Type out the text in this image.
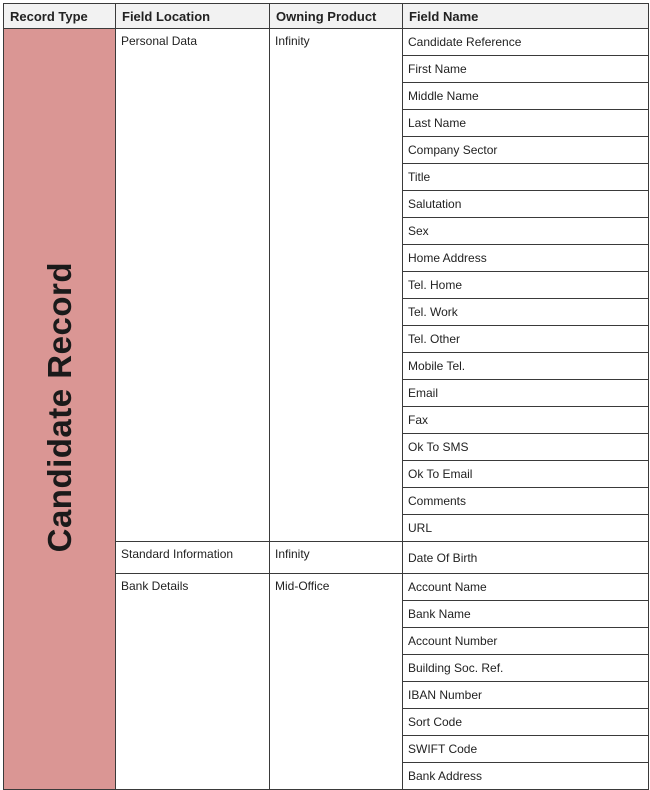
Record Type	Field Location	Owning Product	Field Name
Candidate Record	Personal Data	Infinity	Candidate Reference
			First Name
			Middle Name
			Last Name
			Company Sector
			Title
			Salutation
			Sex
			Home Address
			Tel. Home
			Tel. Work
			Tel. Other
			Mobile Tel.
			Email
			Fax
			Ok To SMS
			Ok To Email
			Comments
			URL
	Standard Information	Infinity	Date Of Birth
	Bank Details	Mid-Office	Account Name
			Bank Name
			Account Number
			Building Soc. Ref.
			IBAN Number
			Sort Code
			SWIFT Code
			Bank Address
